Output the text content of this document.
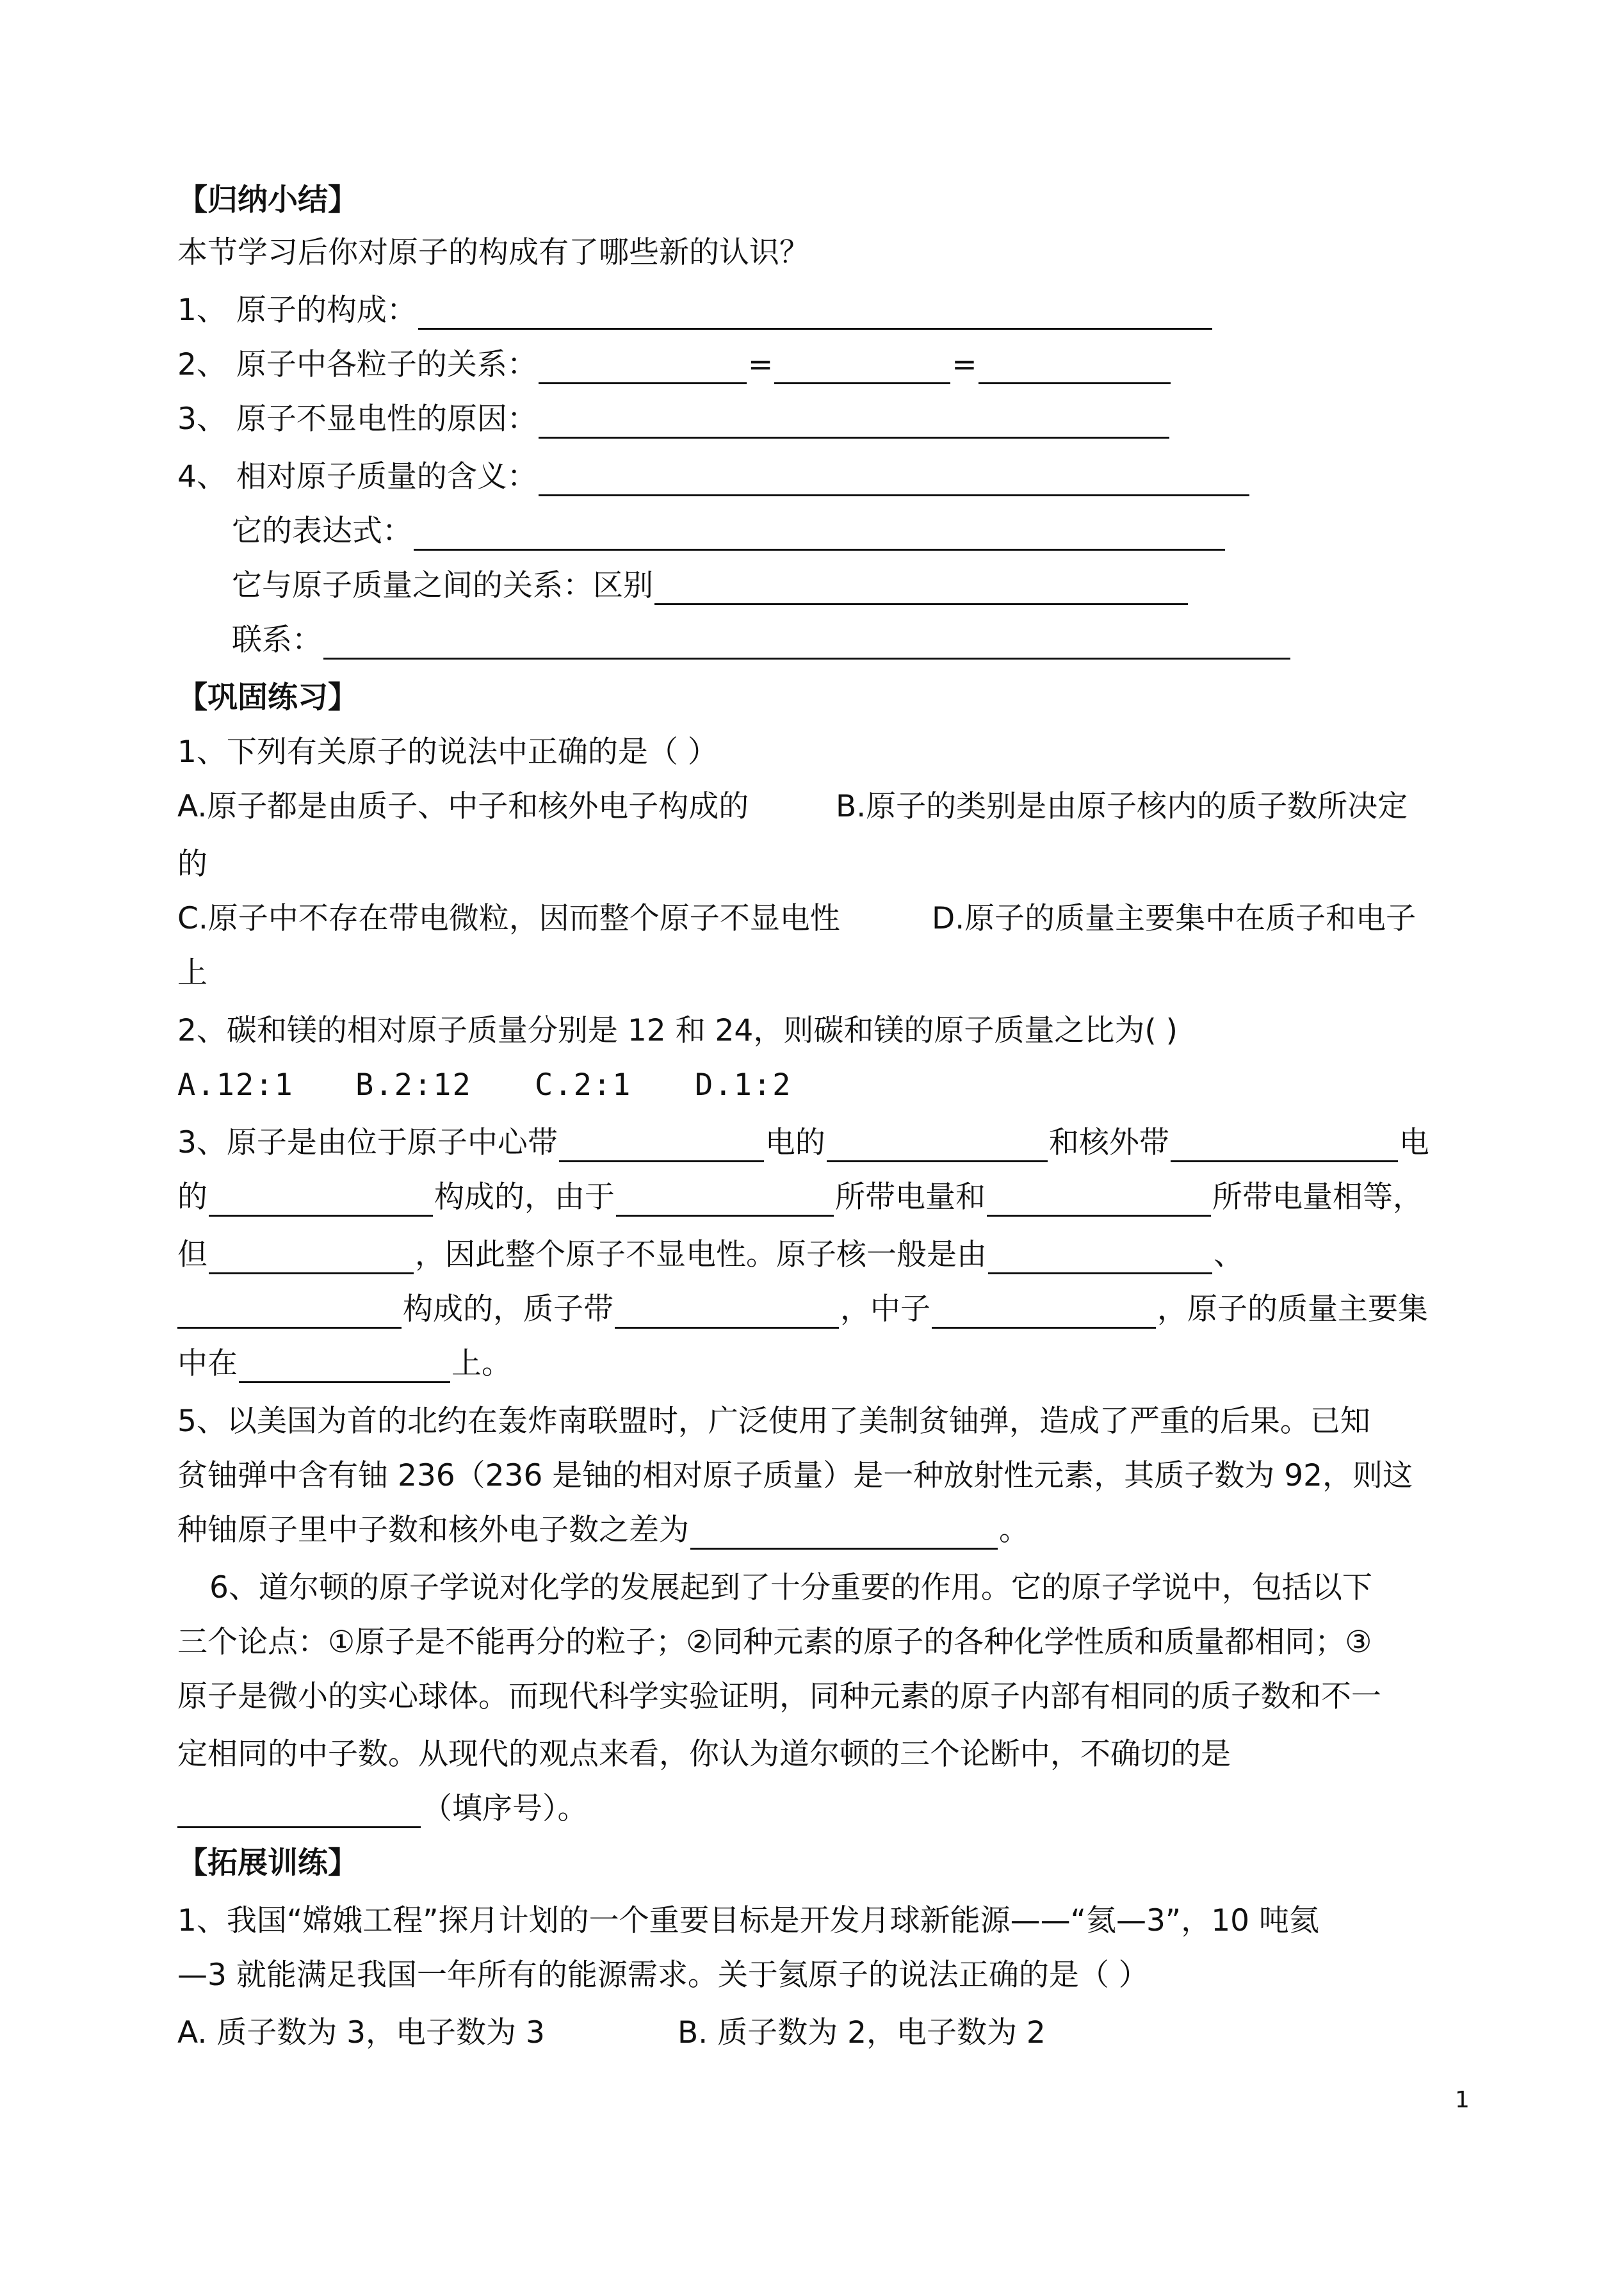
【归纳小结】
本节学习后你对原子的构成有了哪些新的认识？
1、 原子的构成：
2、 原子中各粒子的关系：	=	=
3、 原子不显电性的原因：
4、 相对原子质量的含义：
它的表达式：
它与原子质量之间的关系：区别
联系：
【巩固练习】
1、下列有关原子的说法中正确的是（ ）
A.原子都是由质子、中子和核外电子构成的	B.原子的类别是由原子核内的质子数所决定
的
C.原子中不存在带电微粒，因而整个原子不显电性	D.原子的质量主要集中在质子和电子
上
2、碳和镁的相对原子质量分别是 12 和 24，则碳和镁的原子质量之比为( )
A.12:1 B.2:12 C.2:1 D.1:2
3、原子是由位于原子中心带	电的	和核外带	电
的	构成的，由于	所带电量和	所带电量相等，
但	，因此整个原子不显电性。原子核一般是由	、
构成的，质子带	，中子	，原子的质量主要集
中在	上。
5、以美国为首的北约在轰炸南联盟时，广泛使用了美制贫铀弹，造成了严重的后果。已知
贫铀弹中含有铀 236（236 是铀的相对原子质量）是一种放射性元素，其质子数为 92，则这
种铀原子里中子数和核外电子数之差为	。
6、道尔顿的原子学说对化学的发展起到了十分重要的作用。它的原子学说中，包括以下
三个论点：①原子是不能再分的粒子；②同种元素的原子的各种化学性质和质量都相同；③
原子是微小的实心球体。而现代科学实验证明，同种元素的原子内部有相同的质子数和不一
定相同的中子数。从现代的观点来看，你认为道尔顿的三个论断中，不确切的是
（填序号）。
【拓展训练】
1、我国“嫦娥工程”探月计划的一个重要目标是开发月球新能源——“氦—3”，10 吨氦
—3 就能满足我国一年所有的能源需求。关于氦原子的说法正确的是（ ）
A. 质子数为 3，电子数为 3	B. 质子数为 2，电子数为 2
1
